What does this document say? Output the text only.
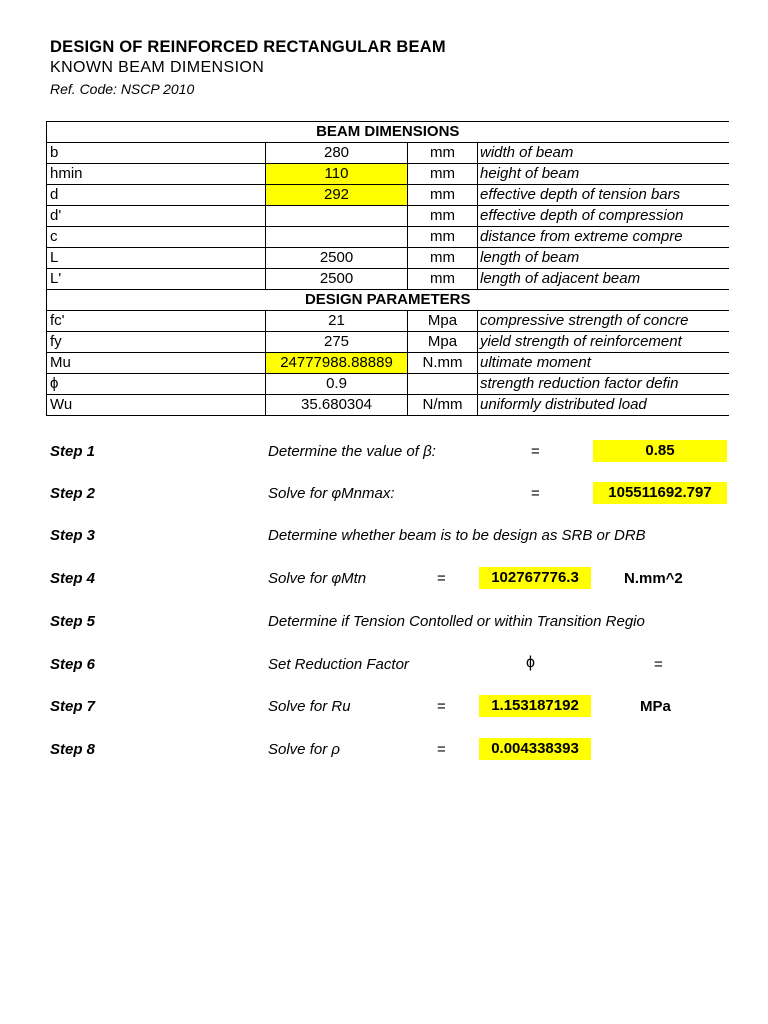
DESIGN OF REINFORCED RECTANGULAR BEAM
KNOWN BEAM DIMENSION
Ref. Code: NSCP 2010
BEAM DIMENSIONS			
b	280	mm	width of beam
hmin	110	mm	height of beam
d	292	mm	effective depth of tension bars
d'		mm	effective depth of compression
c		mm	distance from extreme compre
L	2500	mm	length of beam
L'	2500	mm	length of adjacent beam
DESIGN PARAMETERS			
fc'	21	Mpa	compressive strength of concre
fy	275	Mpa	yield strength of reinforcement
Mu	24777988.88889	N.mm	ultimate moment
ϕ	0.9		strength reduction factor defin
Wu	35.680304	N/mm	uniformly distributed load
Step 1	Determine the value of β:	=	0.85
Step 2	Solve for φMnmax:	=	105511692.797
Step 3	Determine whether beam is to be design as SRB or DRB
Step 4	Solve for φMtn	=	102767776.3	N.mm^2
Step 5	Determine if Tension Contolled or within Transition Regio
Step 6	Set Reduction Factor	ϕ	=
Step 7	Solve for Ru	=	1.153187192	MPa
Step 8	Solve for ρ	=	0.004338393
